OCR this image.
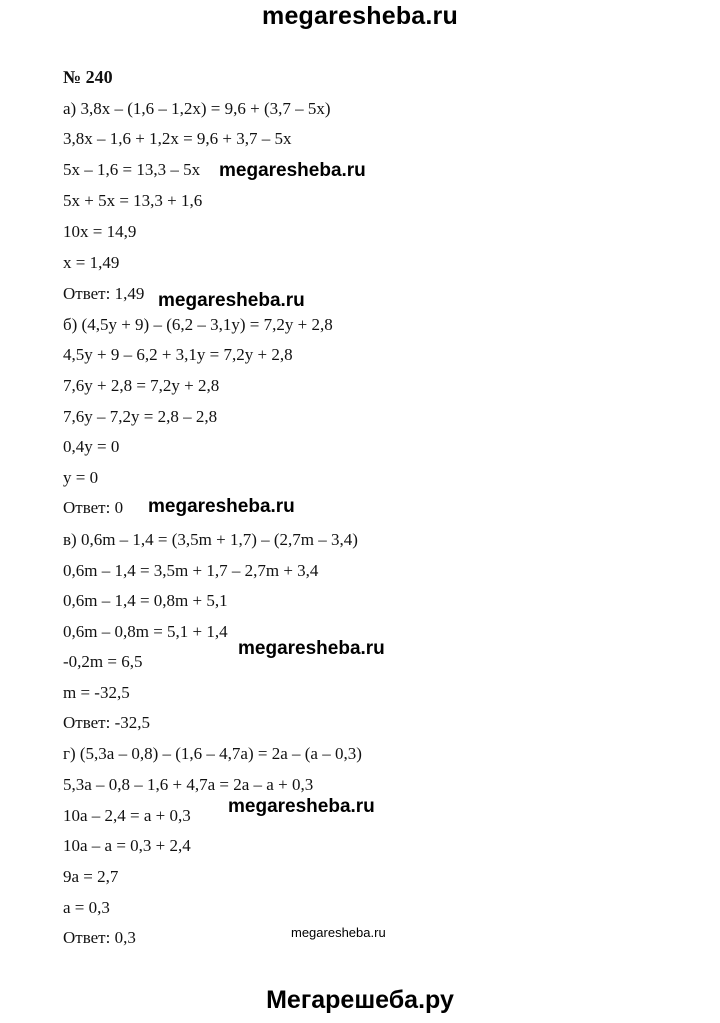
megaresheba.ru
№ 240
а) 3,8x – (1,6 – 1,2x) = 9,6 + (3,7 – 5x)
3,8x – 1,6 + 1,2x = 9,6 + 3,7 – 5x
5x – 1,6 = 13,3 – 5x
5x + 5x = 13,3 + 1,6
10x = 14,9
x = 1,49
Ответ: 1,49
б) (4,5y + 9) – (6,2 – 3,1y) = 7,2y + 2,8
4,5y + 9 – 6,2 + 3,1y = 7,2y + 2,8
7,6y + 2,8 = 7,2y + 2,8
7,6y – 7,2y = 2,8 – 2,8
0,4y = 0
y = 0
Ответ: 0
в) 0,6m – 1,4 = (3,5m + 1,7) – (2,7m – 3,4)
0,6m – 1,4 = 3,5m + 1,7 – 2,7m + 3,4
0,6m – 1,4 = 0,8m + 5,1
0,6m – 0,8m = 5,1 + 1,4
-0,2m = 6,5
m = -32,5
Ответ: -32,5
г) (5,3a – 0,8) – (1,6 – 4,7a) = 2a – (a – 0,3)
5,3a – 0,8 – 1,6 + 4,7a = 2a – a + 0,3
10a – 2,4 = a + 0,3
10a – a = 0,3 + 2,4
9a = 2,7
a = 0,3
Ответ: 0,3
megaresheba.ru
megaresheba.ru
megaresheba.ru
megaresheba.ru
megaresheba.ru
megaresheba.ru
Мегарешеба.ру
